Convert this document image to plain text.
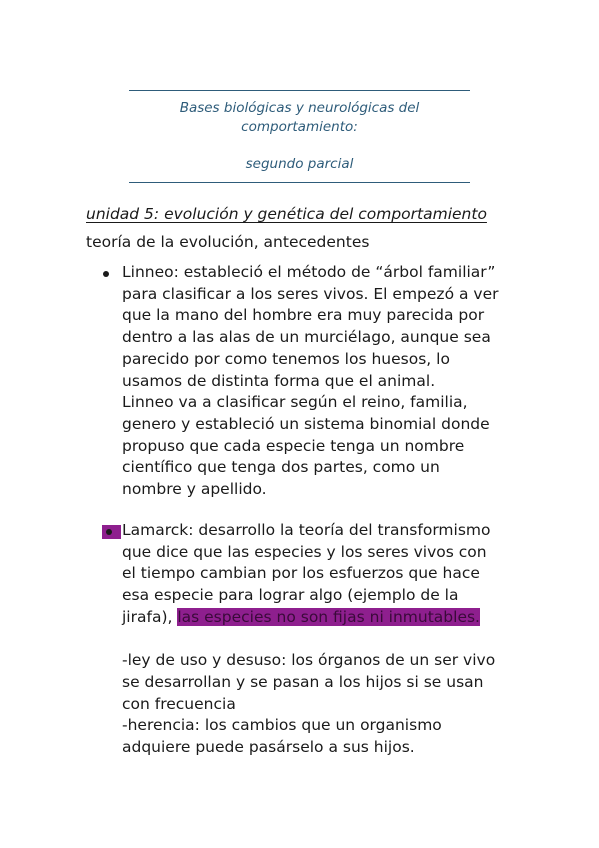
Bases biológicas y neurológicas del
comportamiento:
segundo parcial
unidad 5: evolución y genética del comportamiento
teoría de la evolución, antecedentes
Linneo: estableció el método de “árbol familiar”
para clasificar a los seres vivos. El empezó a ver
que la mano del hombre era muy parecida por
dentro a las alas de un murciélago, aunque sea
parecido por como tenemos los huesos, lo
usamos de distinta forma que el animal.
Linneo va a clasificar según el reino, familia,
genero y estableció un sistema binomial donde
propuso que cada especie tenga un nombre
científico que tenga dos partes, como un
nombre y apellido.
Lamarck: desarrollo la teoría del transformismo
que dice que las especies y los seres vivos con
el tiempo cambian por los esfuerzos que hace
esa especie para lograr algo (ejemplo de la
jirafa), las especies no son fijas ni inmutables.
-ley de uso y desuso: los órganos de un ser vivo
se desarrollan y se pasan a los hijos si se usan
con frecuencia
-herencia: los cambios que un organismo
adquiere puede pasárselo a sus hijos.
